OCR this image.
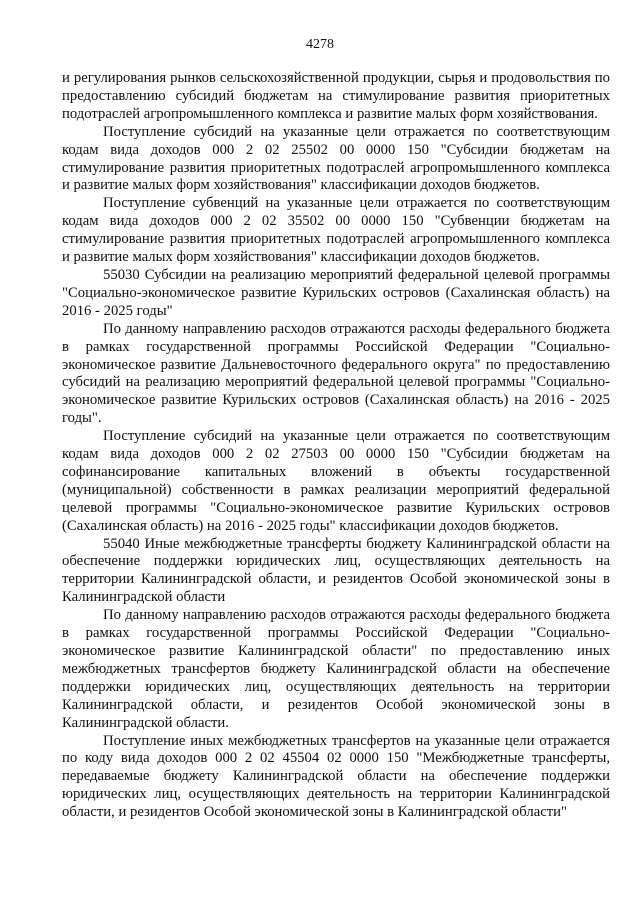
4278

и регулирования рынков сельскохозяйственной продукции, сырья и продовольствия по предоставлению субсидий бюджетам на стимулирование развития приоритетных подотраслей агропромышленного комплекса и развитие малых форм хозяйствования.

Поступление субсидий на указанные цели отражается по соответствующим кодам вида доходов 000 2 02 25502 00 0000 150 "Субсидии бюджетам на стимулирование развития приоритетных подотраслей агропромышленного комплекса и развитие малых форм хозяйствования" классификации доходов бюджетов.

Поступление субвенций на указанные цели отражается по соответствующим кодам вида доходов 000 2 02 35502 00 0000 150 "Субвенции бюджетам на стимулирование развития приоритетных подотраслей агропромышленного комплекса и развитие малых форм хозяйствования" классификации доходов бюджетов.

55030 Субсидии на реализацию мероприятий федеральной целевой программы "Социально-экономическое развитие Курильских островов (Сахалинская область) на 2016 - 2025 годы"

По данному направлению расходов отражаются расходы федерального бюджета в рамках государственной программы Российской Федерации "Социально-экономическое развитие Дальневосточного федерального округа" по предоставлению субсидий на реализацию мероприятий федеральной целевой программы "Социально-экономическое развитие Курильских островов (Сахалинская область) на 2016 - 2025 годы".

Поступление субсидий на указанные цели отражается по соответствующим кодам вида доходов 000 2 02 27503 00 0000 150 "Субсидии бюджетам на софинансирование капитальных вложений в объекты государственной (муниципальной) собственности в рамках реализации мероприятий федеральной целевой программы "Социально-экономическое развитие Курильских островов (Сахалинская область) на 2016 - 2025 годы" классификации доходов бюджетов.

55040 Иные межбюджетные трансферты бюджету Калининградской области на обеспечение поддержки юридических лиц, осуществляющих деятельность на территории Калининградской области, и резидентов Особой экономической зоны в Калининградской области

По данному направлению расходов отражаются расходы федерального бюджета в рамках государственной программы Российской Федерации "Социально-экономическое развитие Калининградской области" по предоставлению иных межбюджетных трансфертов бюджету Калининградской области на обеспечение поддержки юридических лиц, осуществляющих деятельность на территории Калининградской области, и резидентов Особой экономической зоны в Калининградской области.

Поступление иных межбюджетных трансфертов на указанные цели отражается по коду вида доходов 000 2 02 45504 02 0000 150 "Межбюджетные трансферты, передаваемые бюджету Калининградской области на обеспечение поддержки юридических лиц, осуществляющих деятельность на территории Калининградской области, и резидентов Особой экономической зоны в Калининградской области"
